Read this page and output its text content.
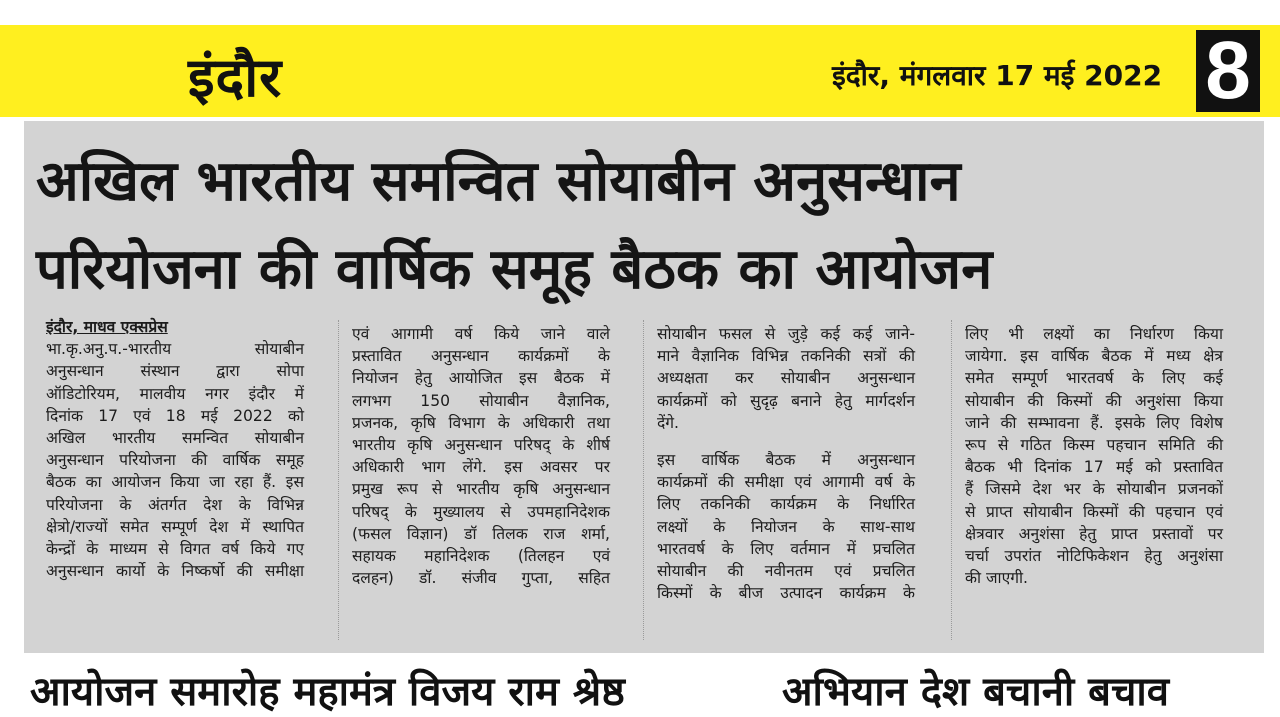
इंदौर	इंदौर, मंगलवार 17 मई 2022 8
अखिल भारतीय समन्वित सोयाबीन अनुसन्धान
परियोजना की वार्षिक समूह बैठक का आयोजन

इंदौर, माधव एक्सप्रेस

भा.कृ.अनु.प.-भारतीय सोयाबीन

अनुसन्धान संस्थान द्वारा सोपा

ऑडिटोरियम, मालवीय नगर इंदौर में

दिनांक 17 एवं 18 मई 2022 को

अखिल भारतीय समन्वित सोयाबीन

अनुसन्धान परियोजना की वार्षिक समूह

बैठक का आयोजन किया जा रहा हैं. इस

परियोजना के अंतर्गत देश के विभिन्न

क्षेत्रो/राज्यों समेत सम्पूर्ण देश में स्थापित

केन्द्रों के माध्यम से विगत वर्ष किये गए

अनुसन्धान कार्यो के निष्कर्षो की समीक्षा

एवं आगामी वर्ष किये जाने वाले

प्रस्तावित अनुसन्धान कार्यक्रमों के

नियोजन हेतु आयोजित इस बैठक में

लगभग 150 सोयाबीन वैज्ञानिक,

प्रजनक, कृषि विभाग के अधिकारी तथा

भारतीय कृषि अनुसन्धान परिषद् के शीर्ष

अधिकारी भाग लेंगे. इस अवसर पर

प्रमुख रूप से भारतीय कृषि अनुसन्धान

परिषद् के मुख्यालय से उपमहानिदेशक

(फसल विज्ञान) डॉ तिलक राज शर्मा,

सहायक महानिदेशक (तिलहन एवं

दलहन) डॉ. संजीव गुप्ता, सहित

सोयाबीन फसल से जुड़े कई कई जाने-

माने वैज्ञानिक विभिन्न तकनिकी सत्रों की

अध्यक्षता कर सोयाबीन अनुसन्धान

कार्यक्रमों को सुदृढ़ बनाने हेतु मार्गदर्शन

देंगे.

इस वार्षिक बैठक में अनुसन्धान

कार्यक्रमों की समीक्षा एवं आगामी वर्ष के

लिए तकनिकी कार्यक्रम के निर्धारित

लक्ष्यों के नियोजन के साथ-साथ

भारतवर्ष के लिए वर्तमान में प्रचलित

सोयाबीन की नवीनतम एवं प्रचलित

किस्मों के बीज उत्पादन कार्यक्रम के

लिए भी लक्ष्यों का निर्धारण किया

जायेगा. इस वार्षिक बैठक में मध्य क्षेत्र

समेत सम्पूर्ण भारतवर्ष के लिए कई

सोयाबीन की किस्मों की अनुशंसा किया

जाने की सम्भावना हैं. इसके लिए विशेष

रूप से गठित किस्म पहचान समिति की

बैठक भी दिनांक 17 मई को प्रस्तावित

हैं जिसमे देश भर के सोयाबीन प्रजनकों

से प्राप्त सोयाबीन किस्मों की पहचान एवं

क्षेत्रवार अनुशंसा हेतु प्राप्त प्रस्तावों पर

चर्चा उपरांत नोटिफिकेशन हेतु अनुशंसा

की जाएगी.

आयोजन समारोह महामंत्र विजय राम श्रेष्ठ	अभियान देश बचानी बचाव
